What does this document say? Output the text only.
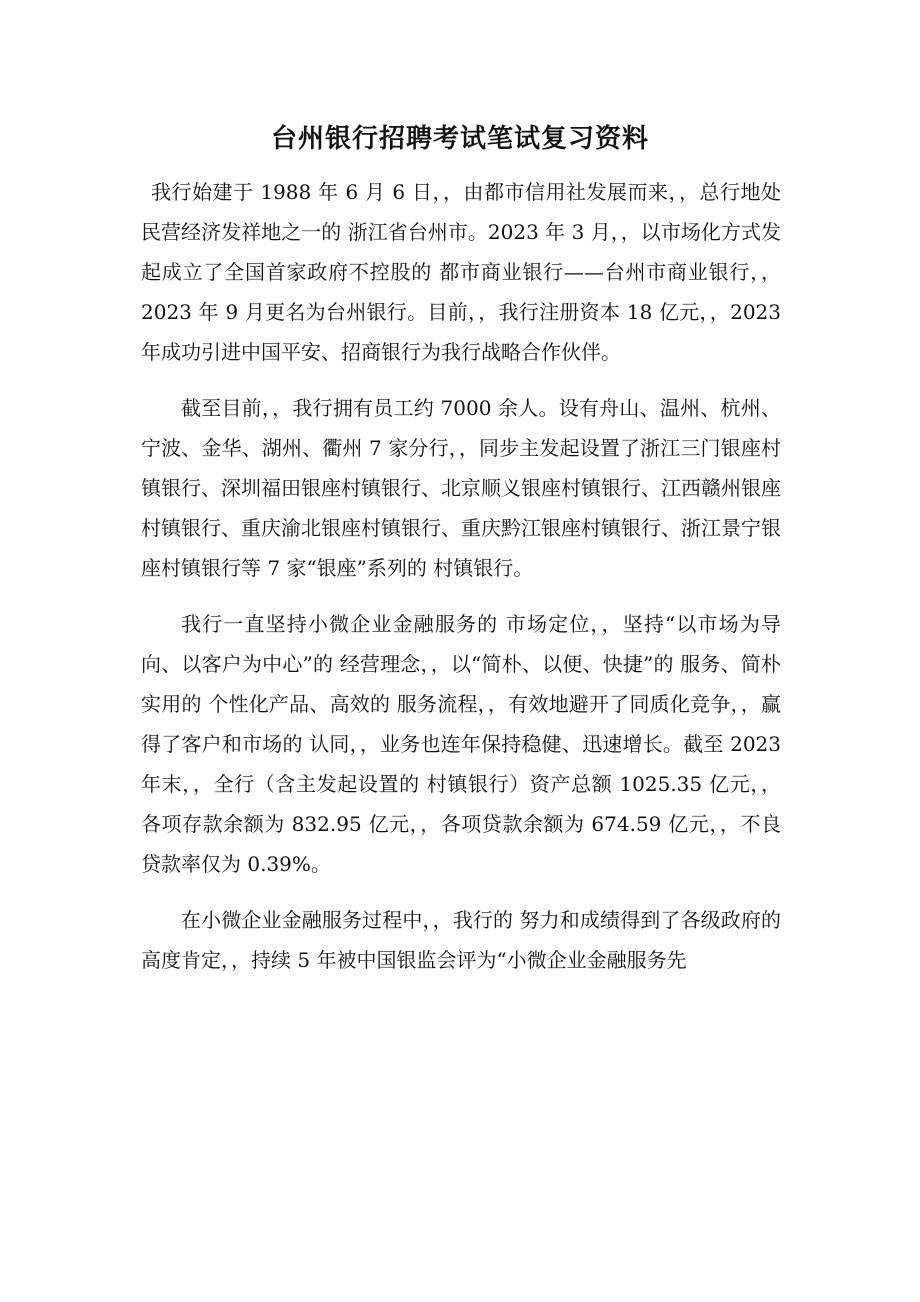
台州银行招聘考试笔试复习资料

我行始建于 1988 年 6 月 6 日，，由都市信用社发展而来，，总行地处民营经济发祥地之一的 浙江省台州市。2023 年 3 月，，以市场化方式发起成立了全国首家政府不控股的 都市商业银行——台州市商业银行，，2023 年 9 月更名为台州银行。目前，，我行注册资本 18 亿元，，2023 年成功引进中国平安、招商银行为我行战略合作伙伴。

截至目前，，我行拥有员工约 7000 余人。设有舟山、温州、杭州、宁波、金华、湖州、衢州 7 家分行，，同步主发起设置了浙江三门银座村镇银行、深圳福田银座村镇银行、北京顺义银座村镇银行、江西赣州银座村镇银行、重庆渝北银座村镇银行、重庆黔江银座村镇银行、浙江景宁银座村镇银行等 7 家“银座”系列的 村镇银行。

我行一直坚持小微企业金融服务的 市场定位，，坚持“以市场为导向、以客户为中心”的 经营理念，，以“简朴、以便、快捷”的 服务、简朴实用的 个性化产品、高效的 服务流程，，有效地避开了同质化竞争，，赢得了客户和市场的 认同，，业务也连年保持稳健、迅速增长。截至 2023 年末，，全行（含主发起设置的 村镇银行）资产总额 1025.35 亿元，，各项存款余额为 832.95 亿元，，各项贷款余额为 674.59 亿元，，不良贷款率仅为 0.39%。

在小微企业金融服务过程中，，我行的 努力和成绩得到了各级政府的 高度肯定，，持续 5 年被中国银监会评为“小微企业金融服务先
